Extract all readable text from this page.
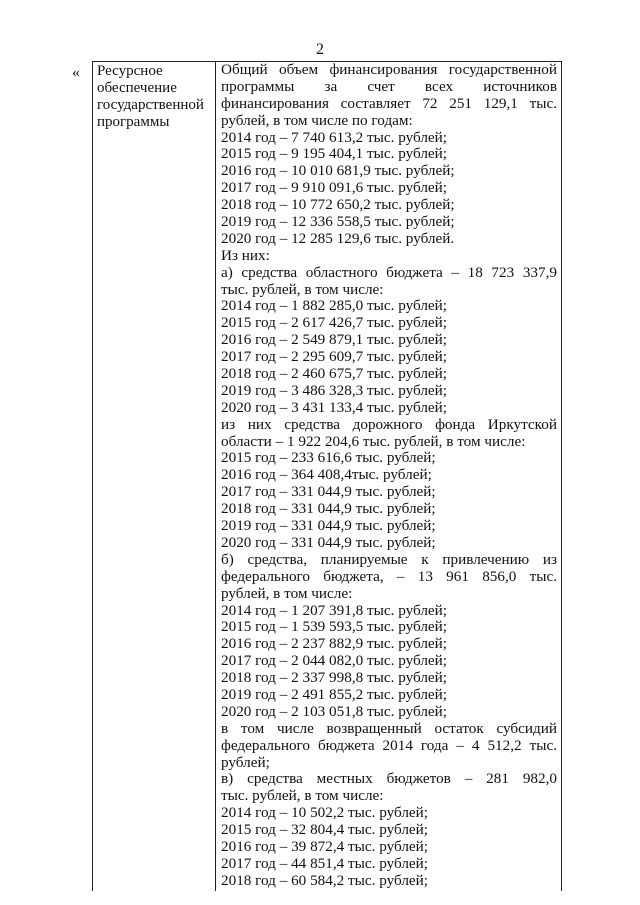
2
« Ресурсное
обеспечение
государственной
программы
Общий объем финансирования государственной
программы за счет всех источников
финансирования составляет 72 251 129,1 тыс.
рублей, в том числе по годам:
2014 год – 7 740 613,2 тыс. рублей;
2015 год – 9 195 404,1 тыс. рублей;
2016 год – 10 010 681,9 тыс. рублей;
2017 год – 9 910 091,6 тыс. рублей;
2018 год – 10 772 650,2 тыс. рублей;
2019 год – 12 336 558,5 тыс. рублей;
2020 год – 12 285 129,6 тыс. рублей.
Из них:
а) средства областного бюджета – 18 723 337,9
тыс. рублей, в том числе:
2014 год – 1 882 285,0 тыс. рублей;
2015 год – 2 617 426,7 тыс. рублей;
2016 год – 2 549 879,1 тыс. рублей;
2017 год – 2 295 609,7 тыс. рублей;
2018 год – 2 460 675,7 тыс. рублей;
2019 год – 3 486 328,3 тыс. рублей;
2020 год – 3 431 133,4 тыс. рублей;
из них средства дорожного фонда Иркутской
области – 1 922 204,6 тыс. рублей, в том числе:
2015 год – 233 616,6 тыс. рублей;
2016 год – 364 408,4тыс. рублей;
2017 год – 331 044,9 тыс. рублей;
2018 год – 331 044,9 тыс. рублей;
2019 год – 331 044,9 тыс. рублей;
2020 год – 331 044,9 тыс. рублей;
б) средства, планируемые к привлечению из
федерального бюджета, – 13 961 856,0 тыс.
рублей, в том числе:
2014 год – 1 207 391,8 тыс. рублей;
2015 год – 1 539 593,5 тыс. рублей;
2016 год – 2 237 882,9 тыс. рублей;
2017 год – 2 044 082,0 тыс. рублей;
2018 год – 2 337 998,8 тыс. рублей;
2019 год – 2 491 855,2 тыс. рублей;
2020 год – 2 103 051,8 тыс. рублей;
в том числе возвращенный остаток субсидий
федерального бюджета 2014 года – 4 512,2 тыс.
рублей;
в) средства местных бюджетов – 281 982,0
тыс. рублей, в том числе:
2014 год – 10 502,2 тыс. рублей;
2015 год – 32 804,4 тыс. рублей;
2016 год – 39 872,4 тыс. рублей;
2017 год – 44 851,4 тыс. рублей;
2018 год – 60 584,2 тыс. рублей;
